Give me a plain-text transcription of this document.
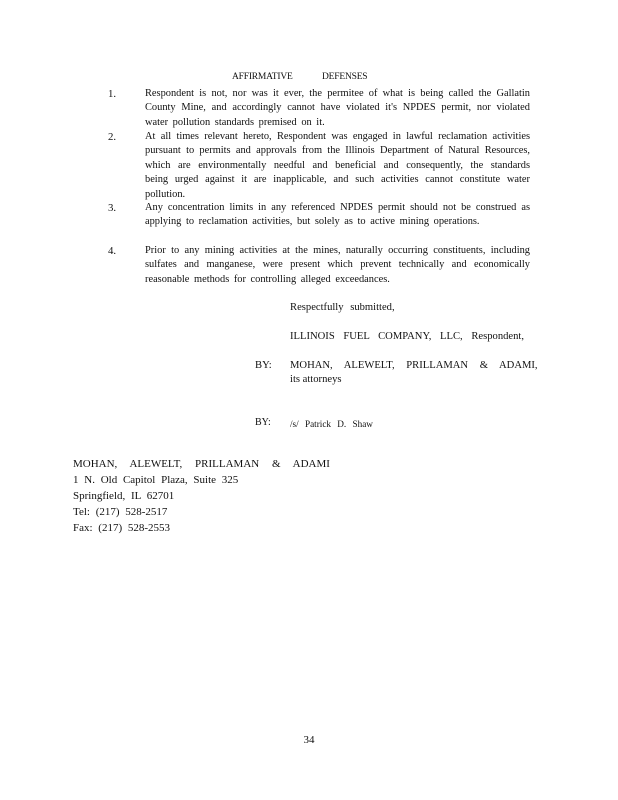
AFFIRMATIVE	DEFENSES
1.	Respondent is not, nor was it ever, the permitee of what is being called the Gallatin County Mine, and accordingly cannot have violated it's NPDES permit, nor violated water pollution standards premised on it.
2.	At all times relevant hereto, Respondent was engaged in lawful reclamation activities pursuant to permits and approvals from the Illinois Department of Natural Resources, which are environmentally needful and beneficial and consequently, the standards being urged against it are inapplicable, and such activities cannot constitute water pollution.
3.	Any concentration limits in any referenced NPDES permit should not be construed as applying to reclamation activities, but solely as to active mining operations.
4.	Prior to any mining activities at the mines, naturally occurring constituents, including sulfates and manganese, were present which prevent technically and economically reasonable methods for controlling alleged exceedances.
Respectfully submitted,
ILLINOIS FUEL COMPANY, LLC, Respondent,
BY: MOHAN, ALEWELT, PRILLAMAN & ADAMI,
its attorneys
BY: /s/ Patrick D. Shaw
MOHAN, ALEWELT, PRILLAMAN & ADAMI
1 N. Old Capitol Plaza, Suite 325
Springfield, IL 62701
Tel: (217) 528-2517
Fax: (217) 528-2553
34
